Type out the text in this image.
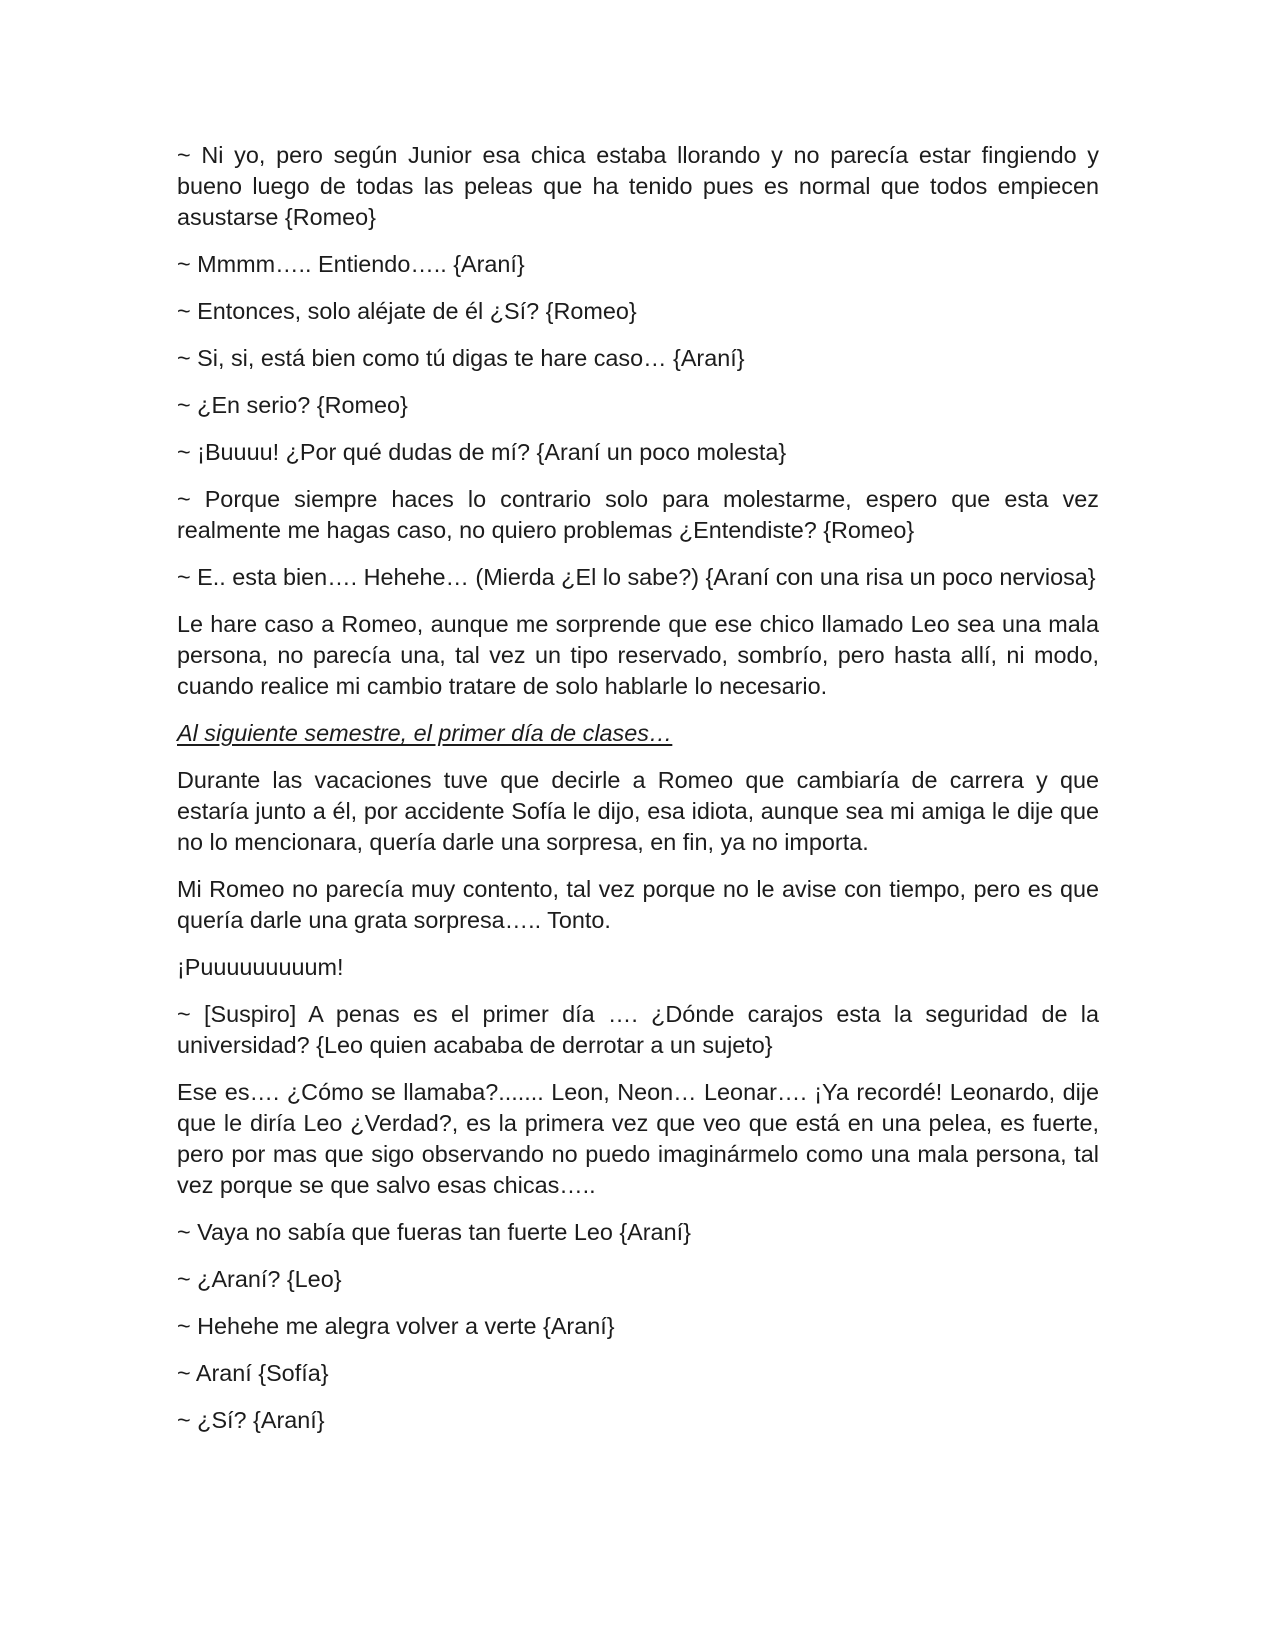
~ Ni yo, pero según Junior esa chica estaba llorando y no parecía estar fingiendo y bueno luego de todas las peleas que ha tenido pues es normal que todos empiecen asustarse {Romeo}

~ Mmmm….. Entiendo….. {Araní}

~ Entonces, solo aléjate de él ¿Sí? {Romeo}

~ Si, si, está bien como tú digas te hare caso… {Araní}

~ ¿En serio? {Romeo}

~ ¡Buuuu! ¿Por qué dudas de mí? {Araní un poco molesta}

~ Porque siempre haces lo contrario solo para molestarme, espero que esta vez realmente me hagas caso, no quiero problemas ¿Entendiste? {Romeo}

~ E.. esta bien…. Hehehe… (Mierda ¿El lo sabe?) {Araní con una risa un poco nerviosa}

Le hare caso a Romeo, aunque me sorprende que ese chico llamado Leo sea una mala persona, no parecía una, tal vez un tipo reservado, sombrío, pero hasta allí, ni modo, cuando realice mi cambio tratare de solo hablarle lo necesario.

Al siguiente semestre, el primer día de clases…

Durante las vacaciones tuve que decirle a Romeo que cambiaría de carrera y que estaría junto a él, por accidente Sofía le dijo, esa idiota, aunque sea mi amiga le dije que no lo mencionara, quería darle una sorpresa, en fin, ya no importa.

Mi Romeo no parecía muy contento, tal vez porque no le avise con tiempo, pero es que quería darle una grata sorpresa….. Tonto.

¡Puuuuuuuuum!

~ [Suspiro] A penas es el primer día …. ¿Dónde carajos esta la seguridad de la universidad? {Leo quien acababa de derrotar a un sujeto}

Ese es…. ¿Cómo se llamaba?....... Leon, Neon… Leonar…. ¡Ya recordé! Leonardo, dije que le diría Leo ¿Verdad?, es la primera vez que veo que está en una pelea, es fuerte, pero por mas que sigo observando no puedo imaginármelo como una mala persona, tal vez porque se que salvo esas chicas…..

~ Vaya no sabía que fueras tan fuerte Leo {Araní}

~ ¿Araní? {Leo}

~ Hehehe me alegra volver a verte {Araní}

~ Araní {Sofía}

~ ¿Sí? {Araní}
